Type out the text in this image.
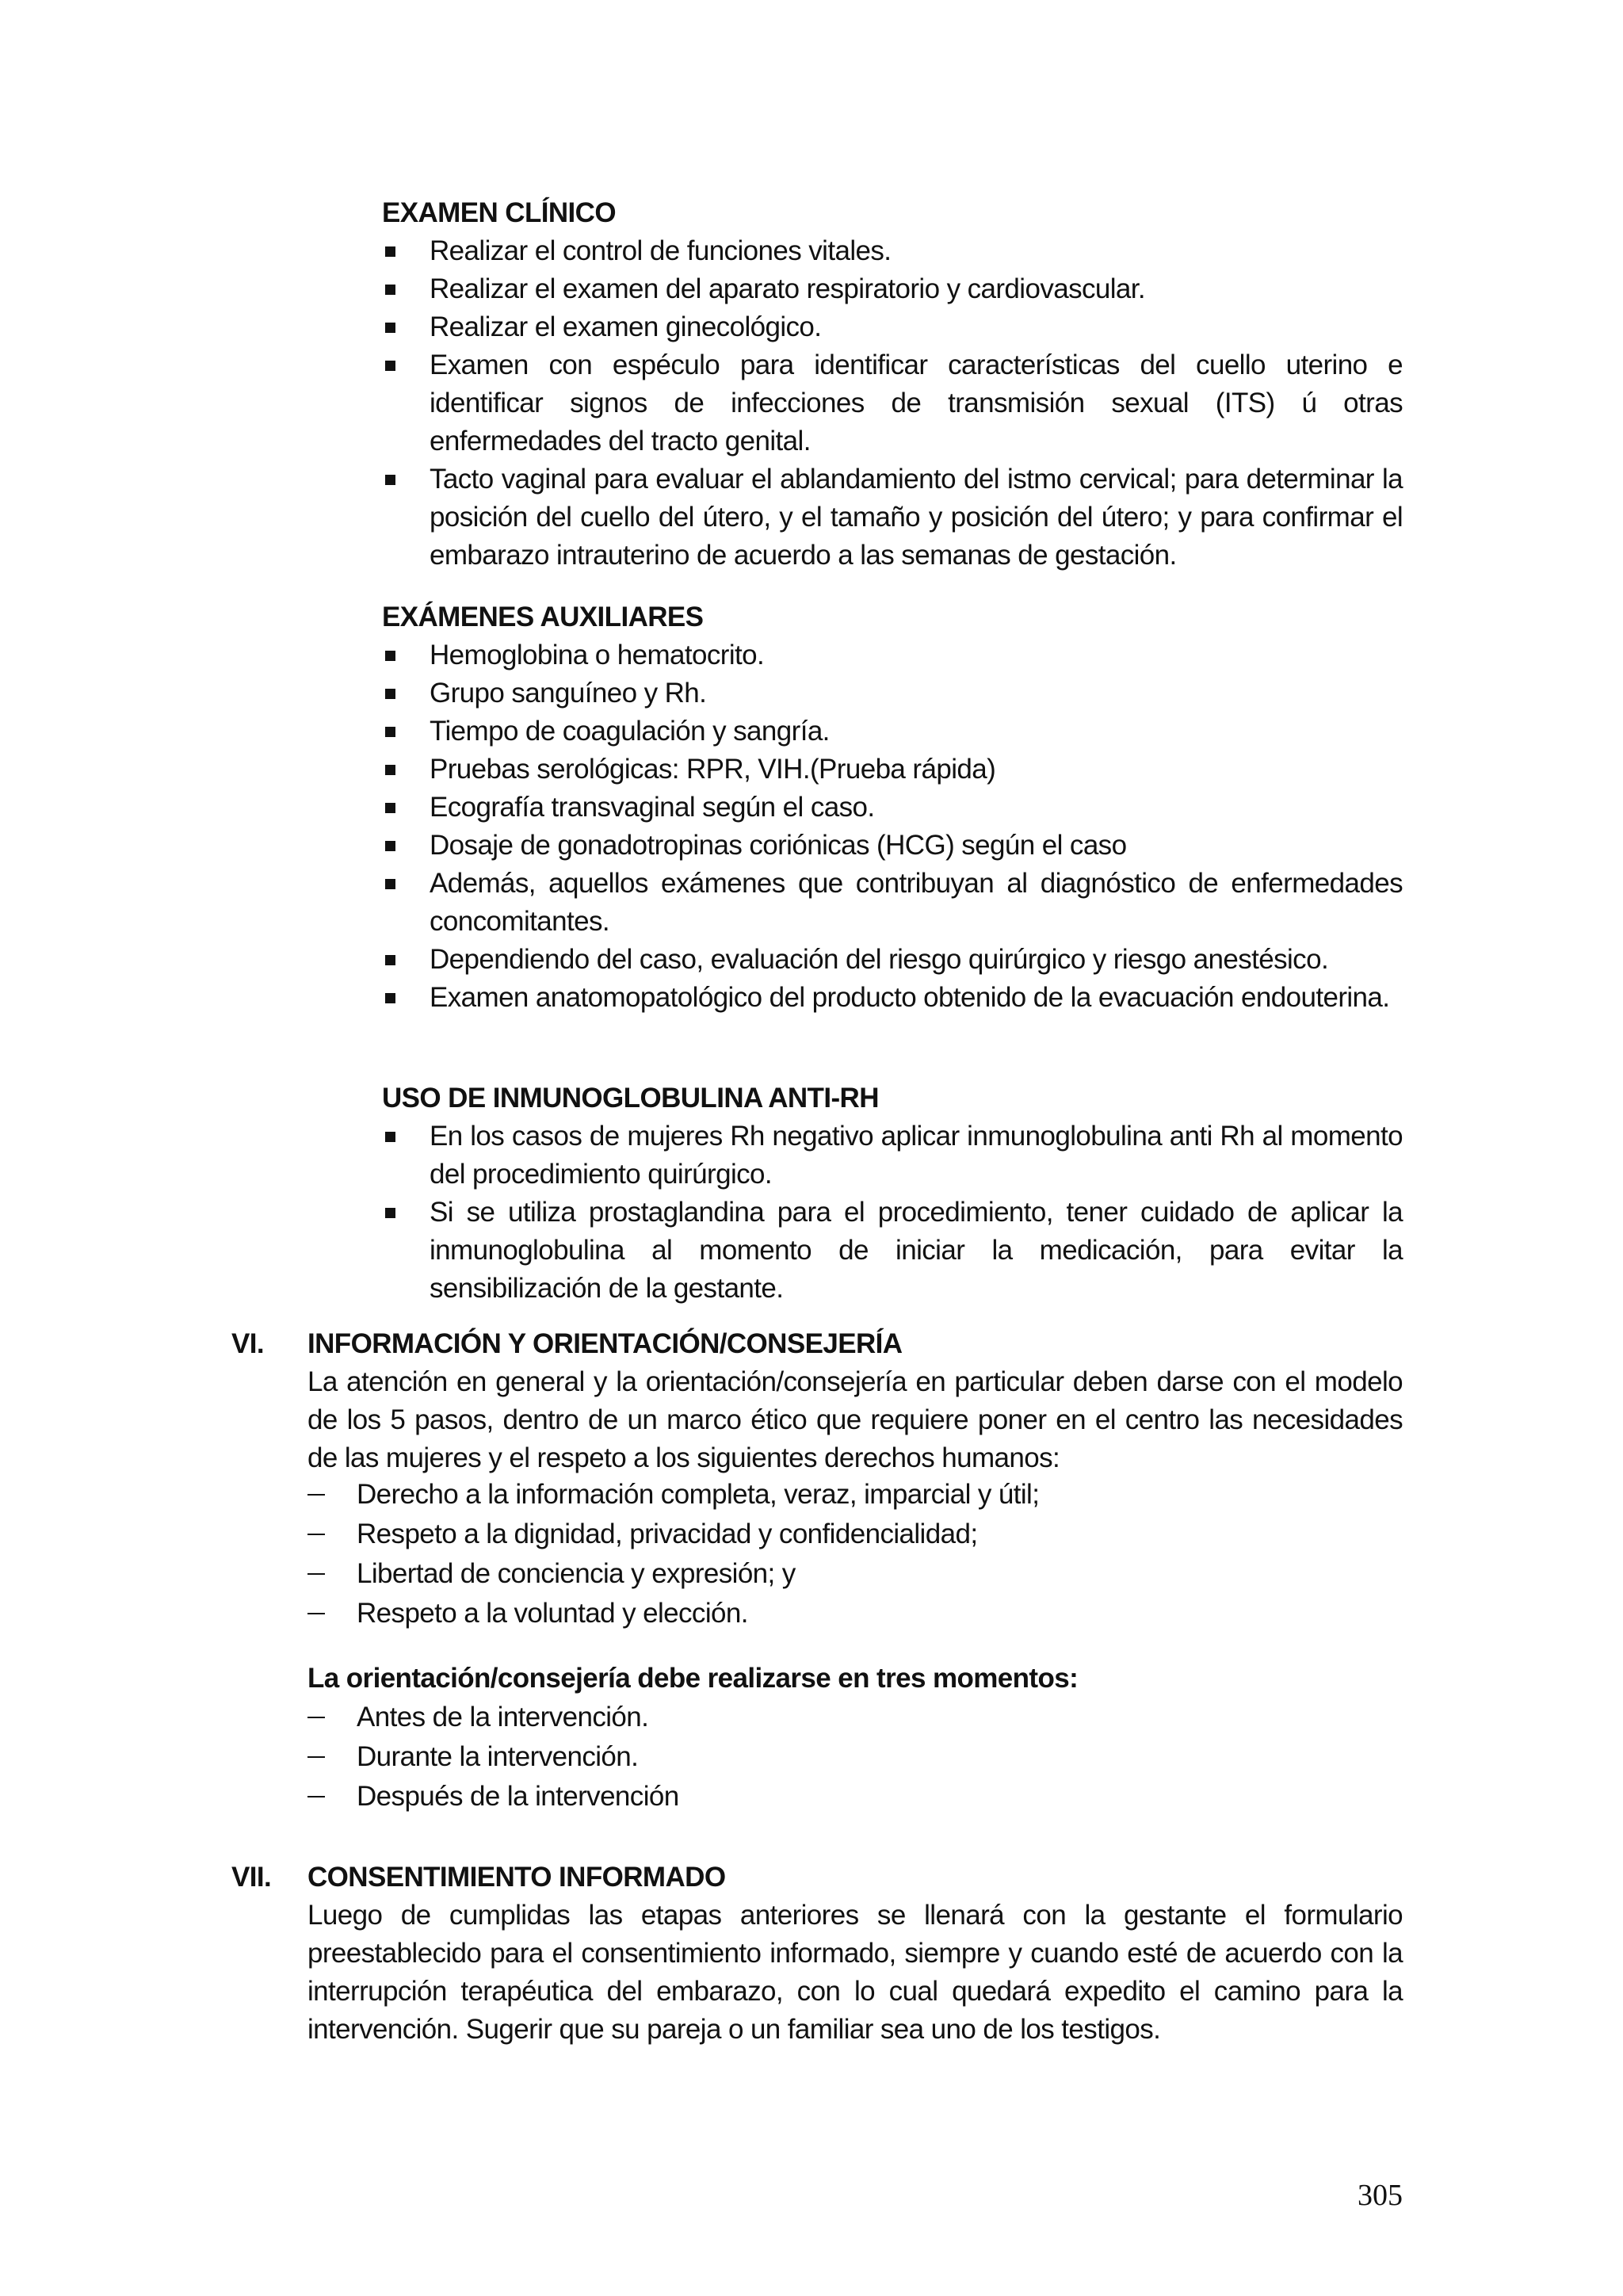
EXAMEN CLÍNICO
Realizar el control de funciones vitales.
Realizar el examen del aparato respiratorio y cardiovascular.
Realizar el examen ginecológico.
Examen con espéculo para identificar características del cuello uterino e identificar signos de infecciones de transmisión sexual (ITS) ú otras enfermedades del tracto genital.
Tacto vaginal para evaluar el ablandamiento del istmo cervical; para determinar la posición del cuello del útero, y el tamaño y posición del útero; y para confirmar el embarazo intrauterino de acuerdo a las semanas de gestación.
EXÁMENES AUXILIARES
Hemoglobina o hematocrito.
Grupo sanguíneo y Rh.
Tiempo de coagulación y sangría.
Pruebas serológicas: RPR, VIH.(Prueba rápida)
Ecografía transvaginal según el caso.
Dosaje de gonadotropinas coriónicas (HCG) según el caso
Además, aquellos exámenes que contribuyan al diagnóstico de enfermedades concomitantes.
Dependiendo del caso, evaluación del riesgo quirúrgico y riesgo anestésico.
Examen anatomopatológico del producto obtenido de la evacuación endouterina.
USO DE INMUNOGLOBULINA ANTI-RH
En los casos de mujeres Rh negativo aplicar inmunoglobulina anti Rh al momento del procedimiento quirúrgico.
Si se utiliza prostaglandina para el procedimiento, tener cuidado de aplicar la inmunoglobulina al momento de iniciar la medicación, para evitar la sensibilización de la gestante.
VI. INFORMACIÓN Y ORIENTACIÓN/CONSEJERÍA
La atención en general y la orientación/consejería en particular deben darse con el modelo de los 5 pasos, dentro de un marco ético que requiere poner en el centro las necesidades de las mujeres y el respeto a los siguientes derechos humanos:
Derecho a la información completa, veraz, imparcial y útil;
Respeto a la dignidad, privacidad y confidencialidad;
Libertad de conciencia y expresión; y
Respeto a la voluntad y elección.
La orientación/consejería debe realizarse en tres momentos:
Antes de la intervención.
Durante la intervención.
Después de la intervención
VII. CONSENTIMIENTO INFORMADO
Luego de cumplidas las etapas anteriores se llenará con la gestante el formulario preestablecido para el consentimiento informado, siempre y cuando esté de acuerdo con la interrupción terapéutica del embarazo, con lo cual quedará expedito el camino para la intervención. Sugerir que su pareja o un familiar sea uno de los testigos.
305
